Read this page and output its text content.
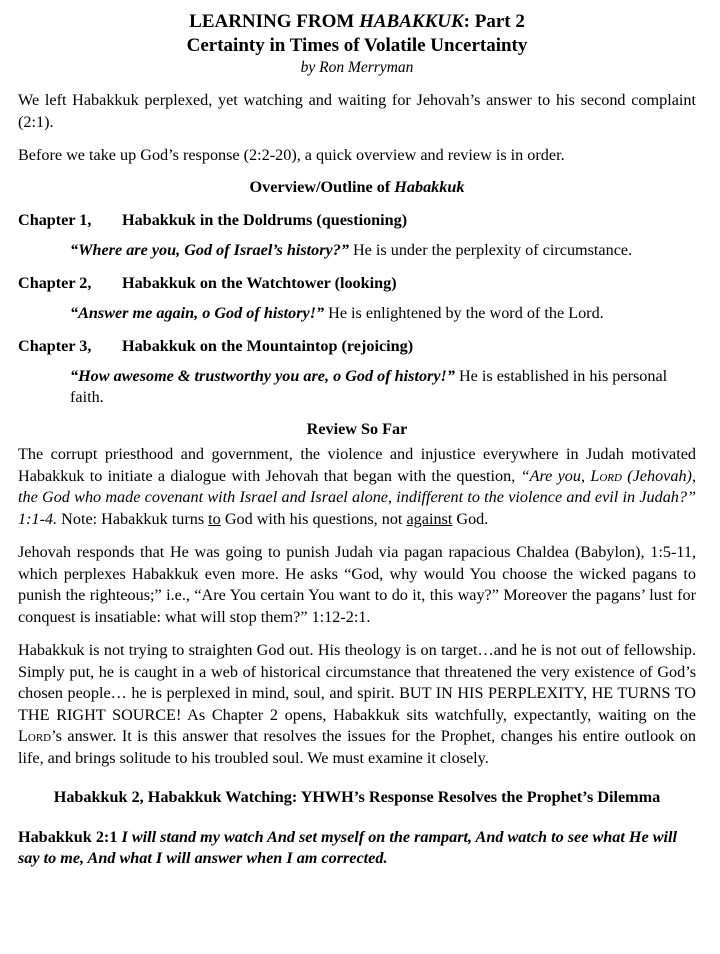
LEARNING FROM HABAKKUK: Part 2

Certainty in Times of Volatile Uncertainty

by Ron Merryman

We left Habakkuk perplexed, yet watching and waiting for Jehovah’s answer to his second complaint (2:1).

Before we take up God’s response (2:2-20), a quick overview and review is in order.

Overview/Outline of Habakkuk

Chapter 1,	Habakkuk in the Doldrums (questioning)

“Where are you, God of Israel’s history?” He is under the perplexity of circumstance.

Chapter 2,	Habakkuk on the Watchtower (looking)

“Answer me again, o God of history!” He is enlightened by the word of the Lord.

Chapter 3,	Habakkuk on the Mountaintop (rejoicing)

“How awesome & trustworthy you are, o God of history!” He is established in his personal faith.

Review So Far

The corrupt priesthood and government, the violence and injustice everywhere in Judah motivated Habakkuk to initiate a dialogue with Jehovah that began with the question, “Are you, Lord (Jehovah), the God who made covenant with Israel and Israel alone, indifferent to the violence and evil in Judah?” 1:1-4. Note: Habakkuk turns to God with his questions, not against God.

Jehovah responds that He was going to punish Judah via pagan rapacious Chaldea (Babylon), 1:5-11, which perplexes Habakkuk even more. He asks “God, why would You choose the wicked pagans to punish the righteous;” i.e., “Are You certain You want to do it, this way?” Moreover the pagans’ lust for conquest is insatiable: what will stop them?” 1:12-2:1.

Habakkuk is not trying to straighten God out. His theology is on target…and he is not out of fellowship. Simply put, he is caught in a web of historical circumstance that threatened the very existence of God’s chosen people… he is perplexed in mind, soul, and spirit. BUT IN HIS PERPLEXITY, HE TURNS TO THE RIGHT SOURCE! As Chapter 2 opens, Habakkuk sits watchfully, expectantly, waiting on the Lord’s answer. It is this answer that resolves the issues for the Prophet, changes his entire outlook on life, and brings solitude to his troubled soul. We must examine it closely.

Habakkuk 2, Habakkuk Watching: YHWH’s Response Resolves the Prophet’s Dilemma

Habakkuk 2:1 I will stand my watch And set myself on the rampart, And watch to see what He will say to me, And what I will answer when I am corrected.
